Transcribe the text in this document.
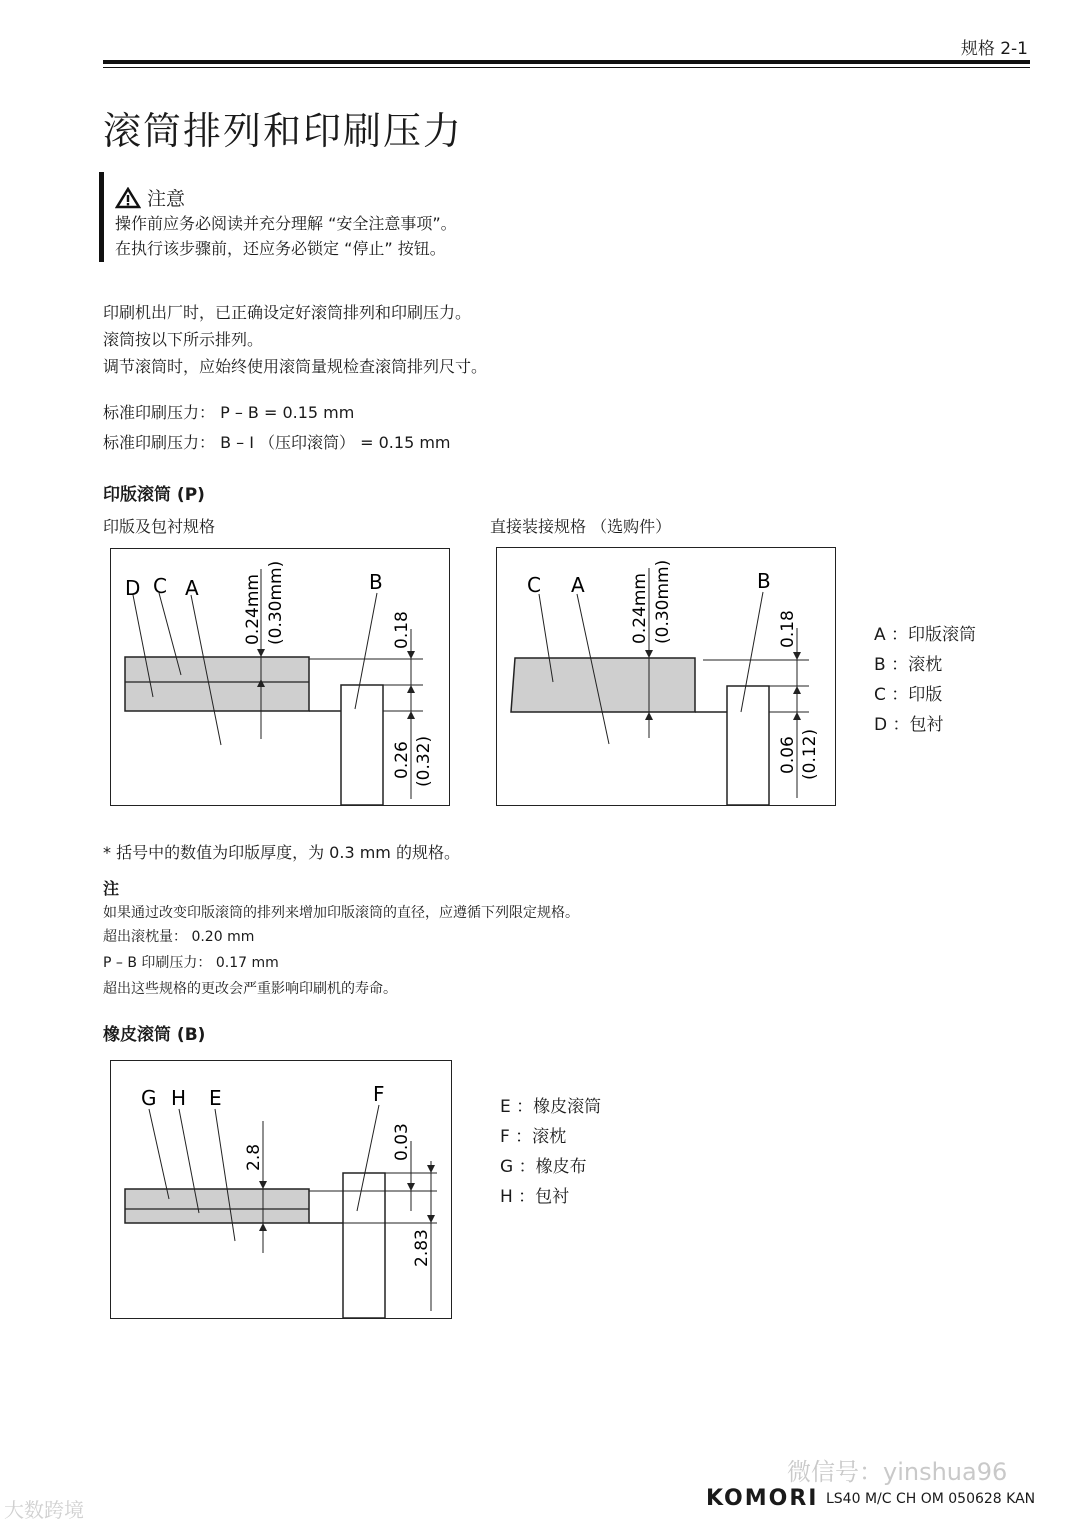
规格 2-1
滚筒排列和印刷压力
注意
操作前应务必阅读并充分理解 “安全注意事项”。
在执行该步骤前，还应务必锁定 “停止” 按钮。
印刷机出厂时，已正确设定好滚筒排列和印刷压力。
滚筒按以下所示排列。
调节滚筒时，应始终使用滚筒量规检查滚筒排列尺寸。
标准印刷压力： P – B = 0.15 mm
标准印刷压力： B – I （压印滚筒） = 0.15 mm
印版滚筒 (P)
印版及包衬规格	直接装接规格 （选购件）
D C A	B
0.24mm (0.30mm)	0.18
0.26 (0.32)
C A	B
0.24mm (0.30mm)	0.18
0.06 (0.12)
A ：印版滚筒
B ：滚枕
C ：印版
D ：包衬
* 括号中的数值为印版厚度，为 0.3 mm 的规格。
注
如果通过改变印版滚筒的排列来增加印版滚筒的直径，应遵循下列限定规格。
超出滚枕量： 0.20 mm
P – B 印刷压力： 0.17 mm
超出这些规格的更改会严重影响印刷机的寿命。
橡皮滚筒 (B)
G H E	F
2.8	0.03
2.83
E ：橡皮滚筒
F ：滚枕
G ：橡皮布
H ：包衬
微信号：yinshua96
大数跨境	KOMORI LS40 M/C CH OM 050628 KAN
